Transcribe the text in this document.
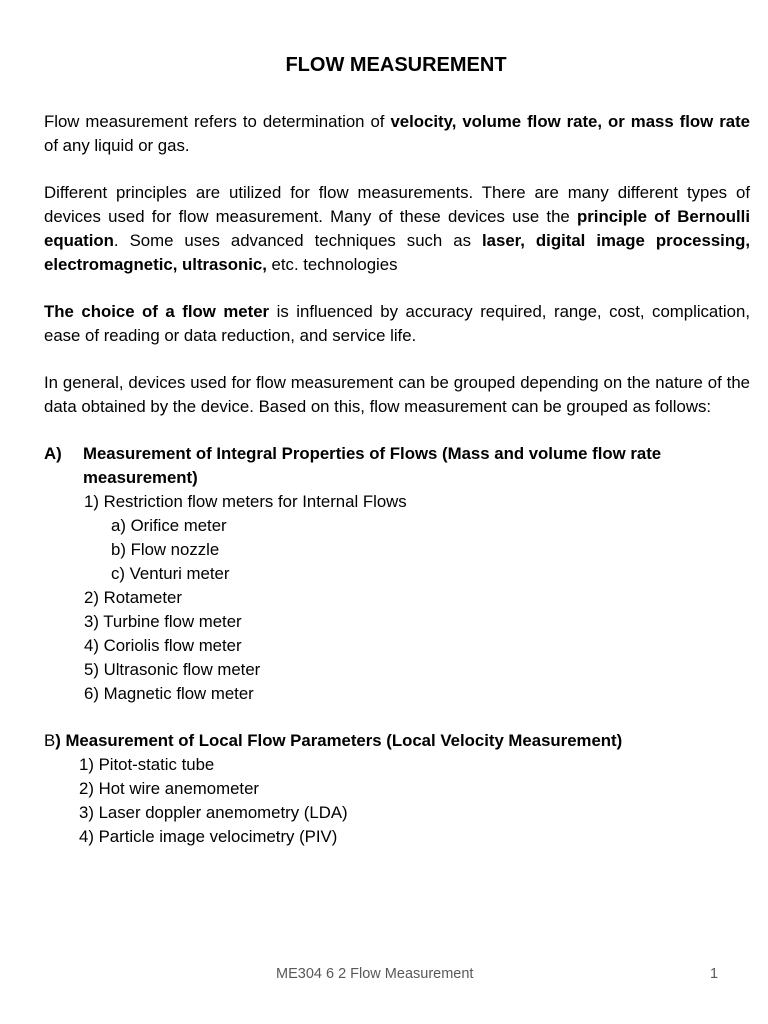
FLOW MEASUREMENT

Flow measurement refers to determination of velocity, volume flow rate, or mass flow rate of any liquid or gas.

Different principles are utilized for flow measurements. There are many different types of devices used for flow measurement. Many of these devices use the principle of Bernoulli equation. Some uses advanced techniques such as laser, digital image processing, electromagnetic, ultrasonic, etc. technologies

The choice of a flow meter is influenced by accuracy required, range, cost, complication, ease of reading or data reduction, and service life.

In general, devices used for flow measurement can be grouped depending on the nature of the data obtained by the device. Based on this, flow measurement can be grouped as follows:

A)	Measurement of Integral Properties of Flows (Mass and volume flow rate measurement)
1) Restriction flow meters for Internal Flows
a) Orifice meter
b) Flow nozzle
c) Venturi meter
2) Rotameter
3) Turbine flow meter
4) Coriolis flow meter
5) Ultrasonic flow meter
6) Magnetic flow meter
B) Measurement of Local Flow Parameters (Local Velocity Measurement)
1) Pitot-static tube
2) Hot wire anemometer
3) Laser doppler anemometry (LDA)
4) Particle image velocimetry (PIV)
ME304 6 2 Flow Measurement	1
